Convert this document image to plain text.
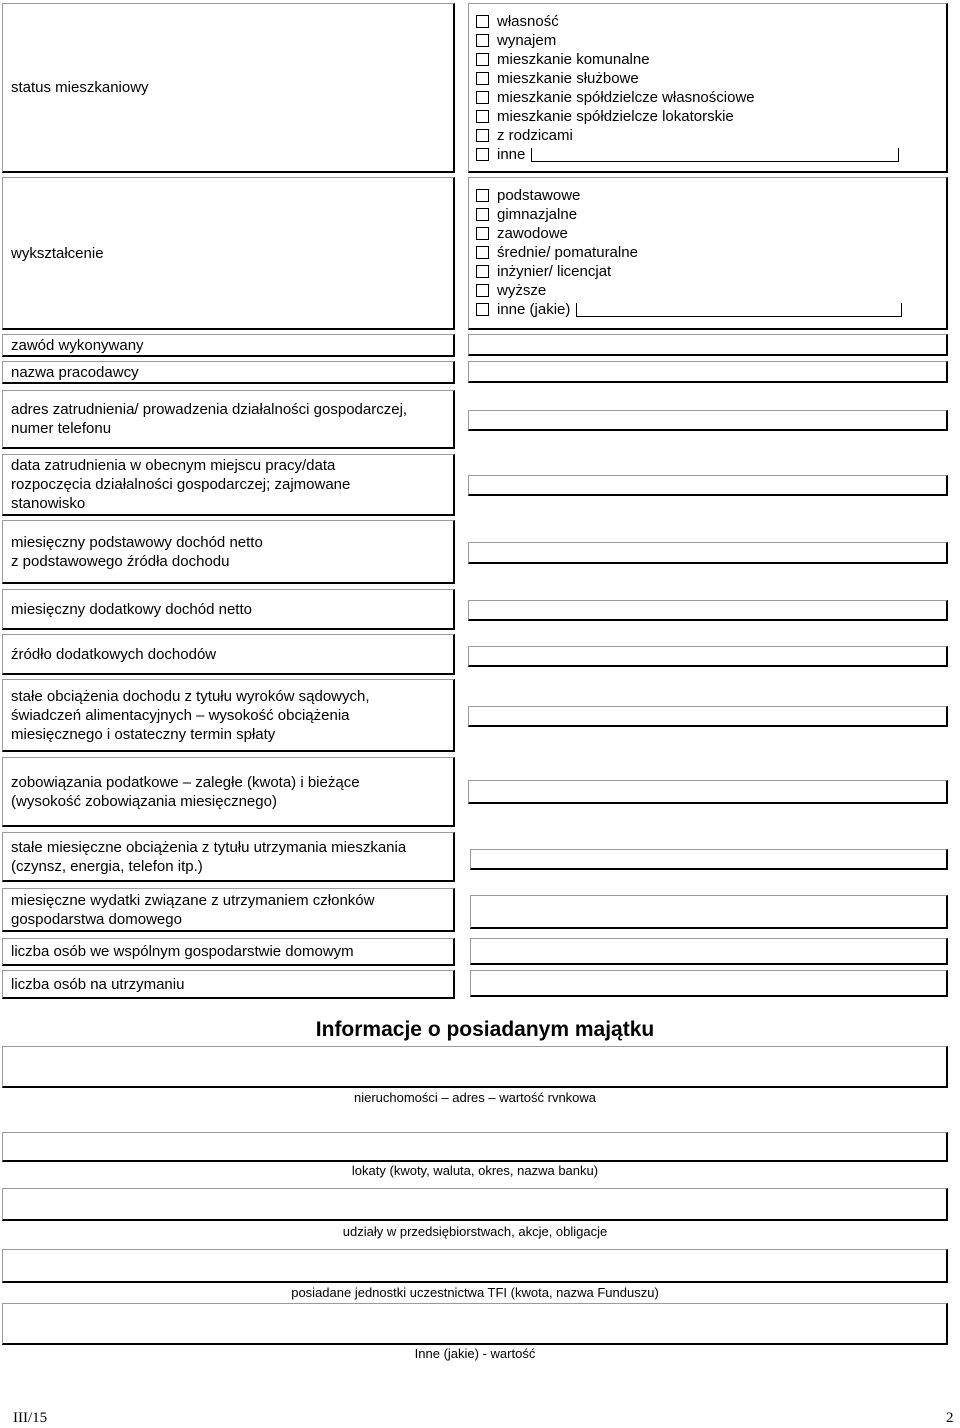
status mieszkaniowy
własność
wynajem
mieszkanie komunalne
mieszkanie służbowe
mieszkanie spółdzielcze własnościowe
mieszkanie spółdzielcze lokatorskie
z rodzicami
inne
wykształcenie
podstawowe
gimnazjalne
zawodowe
średnie/ pomaturalne
inżynier/ licencjat
wyższe
inne (jakie)
zawód wykonywany
nazwa pracodawcy
adres zatrudnienia/ prowadzenia działalności gospodarczej,
numer telefonu
data zatrudnienia w obecnym miejscu pracy/data
rozpoczęcia działalności gospodarczej; zajmowane
stanowisko
miesięczny podstawowy dochód netto
z podstawowego źródła dochodu
miesięczny dodatkowy dochód netto
źródło dodatkowych dochodów
stałe obciążenia dochodu z tytułu wyroków sądowych,
świadczeń alimentacyjnych – wysokość obciążenia
miesięcznego i ostateczny termin spłaty
zobowiązania podatkowe – zaległe (kwota) i bieżące
(wysokość zobowiązania miesięcznego)
stałe miesięczne obciążenia z tytułu utrzymania mieszkania
(czynsz, energia, telefon itp.)
miesięczne wydatki związane z utrzymaniem członków
gospodarstwa domowego
liczba osób we wspólnym gospodarstwie domowym
liczba osób na utrzymaniu
Informacje o posiadanym majątku
nieruchomości – adres – wartość rvnkowa
lokaty (kwoty, waluta, okres, nazwa banku)
udziały w przedsiębiorstwach, akcje, obligacje
posiadane jednostki uczestnictwa TFI (kwota, nazwa Funduszu)
Inne (jakie) - wartość
III/15	2
